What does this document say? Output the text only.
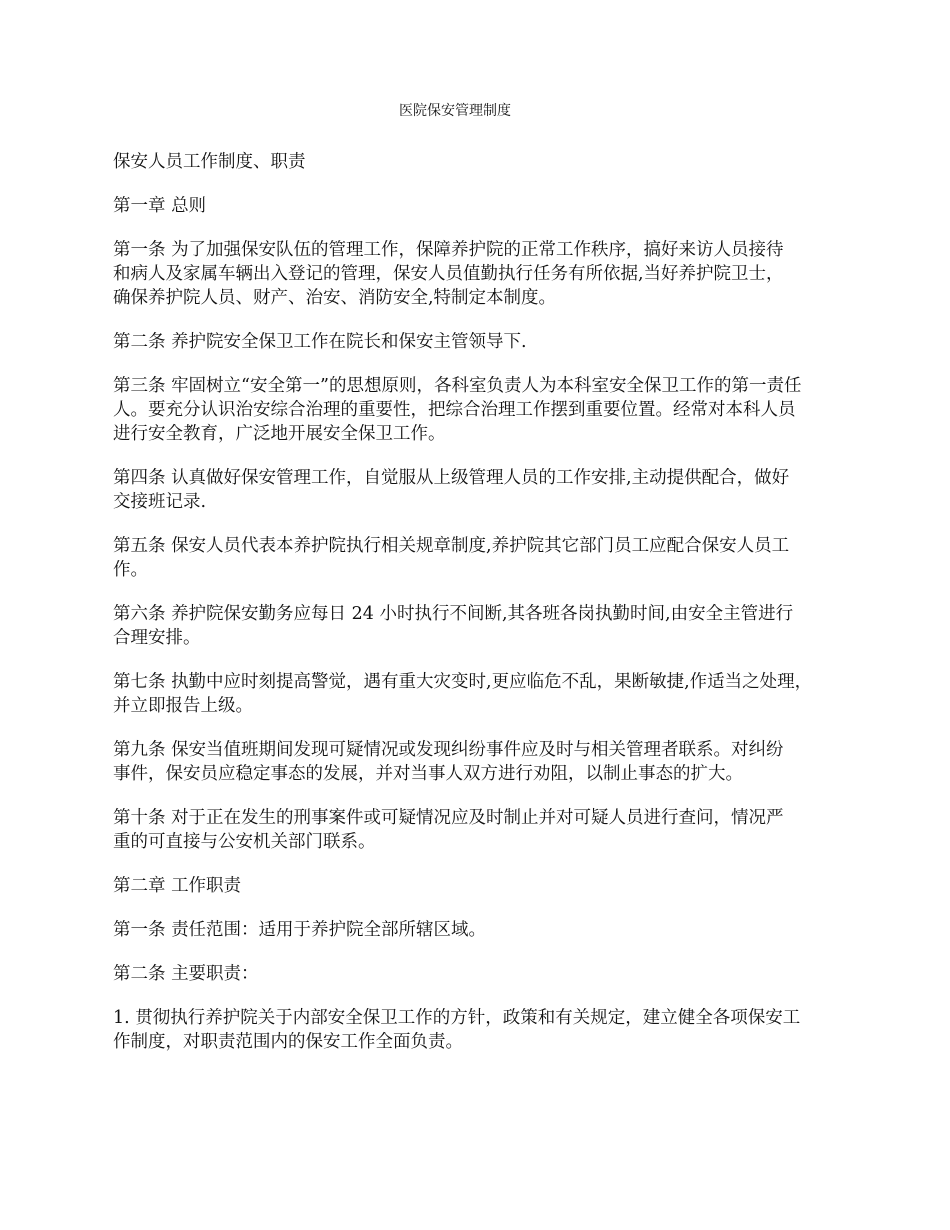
医院保安管理制度
保安人员工作制度、职责
第一章 总则
第一条 为了加强保安队伍的管理工作，保障养护院的正常工作秩序，搞好来访人员接待
和病人及家属车辆出入登记的管理，保安人员值勤执行任务有所依据,当好养护院卫士，
确保养护院人员、财产、治安、消防安全,特制定本制度。
第二条 养护院安全保卫工作在院长和保安主管领导下.
第三条 牢固树立“安全第一”的思想原则，各科室负责人为本科室安全保卫工作的第一责任
人。要充分认识治安综合治理的重要性，把综合治理工作摆到重要位置。经常对本科人员
进行安全教育，广泛地开展安全保卫工作。
第四条 认真做好保安管理工作，自觉服从上级管理人员的工作安排,主动提供配合，做好
交接班记录.
第五条 保安人员代表本养护院执行相关规章制度,养护院其它部门员工应配合保安人员工
作。
第六条 养护院保安勤务应每日 24 小时执行不间断,其各班各岗执勤时间,由安全主管进行
合理安排。
第七条 执勤中应时刻提高警觉，遇有重大灾变时,更应临危不乱，果断敏捷,作适当之处理，
并立即报告上级。
第九条 保安当值班期间发现可疑情况或发现纠纷事件应及时与相关管理者联系。对纠纷
事件，保安员应稳定事态的发展，并对当事人双方进行劝阻，以制止事态的扩大。
第十条 对于正在发生的刑事案件或可疑情况应及时制止并对可疑人员进行查问，情况严
重的可直接与公安机关部门联系。
第二章 工作职责
第一条 责任范围：适用于养护院全部所辖区域。
第二条 主要职责：
1. 贯彻执行养护院关于内部安全保卫工作的方针，政策和有关规定，建立健全各项保安工
作制度，对职责范围内的保安工作全面负责。
